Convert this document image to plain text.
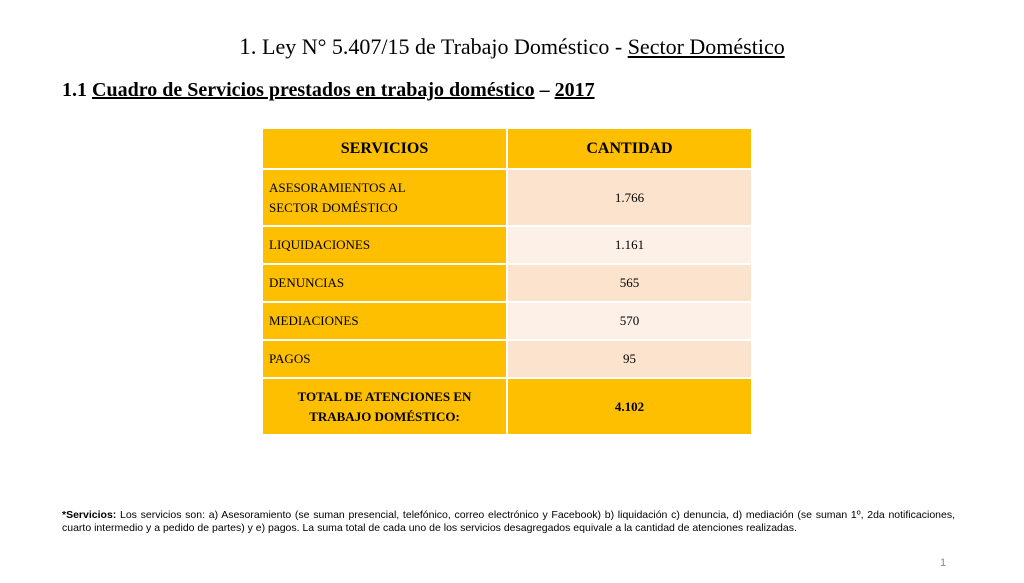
1. Ley N° 5.407/15 de Trabajo Doméstico - Sector Doméstico
1.1 Cuadro de Servicios prestados en trabajo doméstico – 2017
SERVICIOS	CANTIDAD
ASESORAMIENTOS AL
SECTOR DOMÉSTICO	1.766
LIQUIDACIONES	1.161
DENUNCIAS	565
MEDIACIONES	570
PAGOS	95
TOTAL DE ATENCIONES EN
TRABAJO DOMÉSTICO:	4.102
*Servicios: Los servicios son: a) Asesoramiento (se suman presencial, telefónico, correo electrónico y Facebook) b) liquidación c) denuncia, d) mediación (se suman 1º, 2da notificaciones, cuarto intermedio y a pedido de partes) y e) pagos. La suma total de cada uno de los servicios desagregados equivale a la cantidad de atenciones realizadas.
1
